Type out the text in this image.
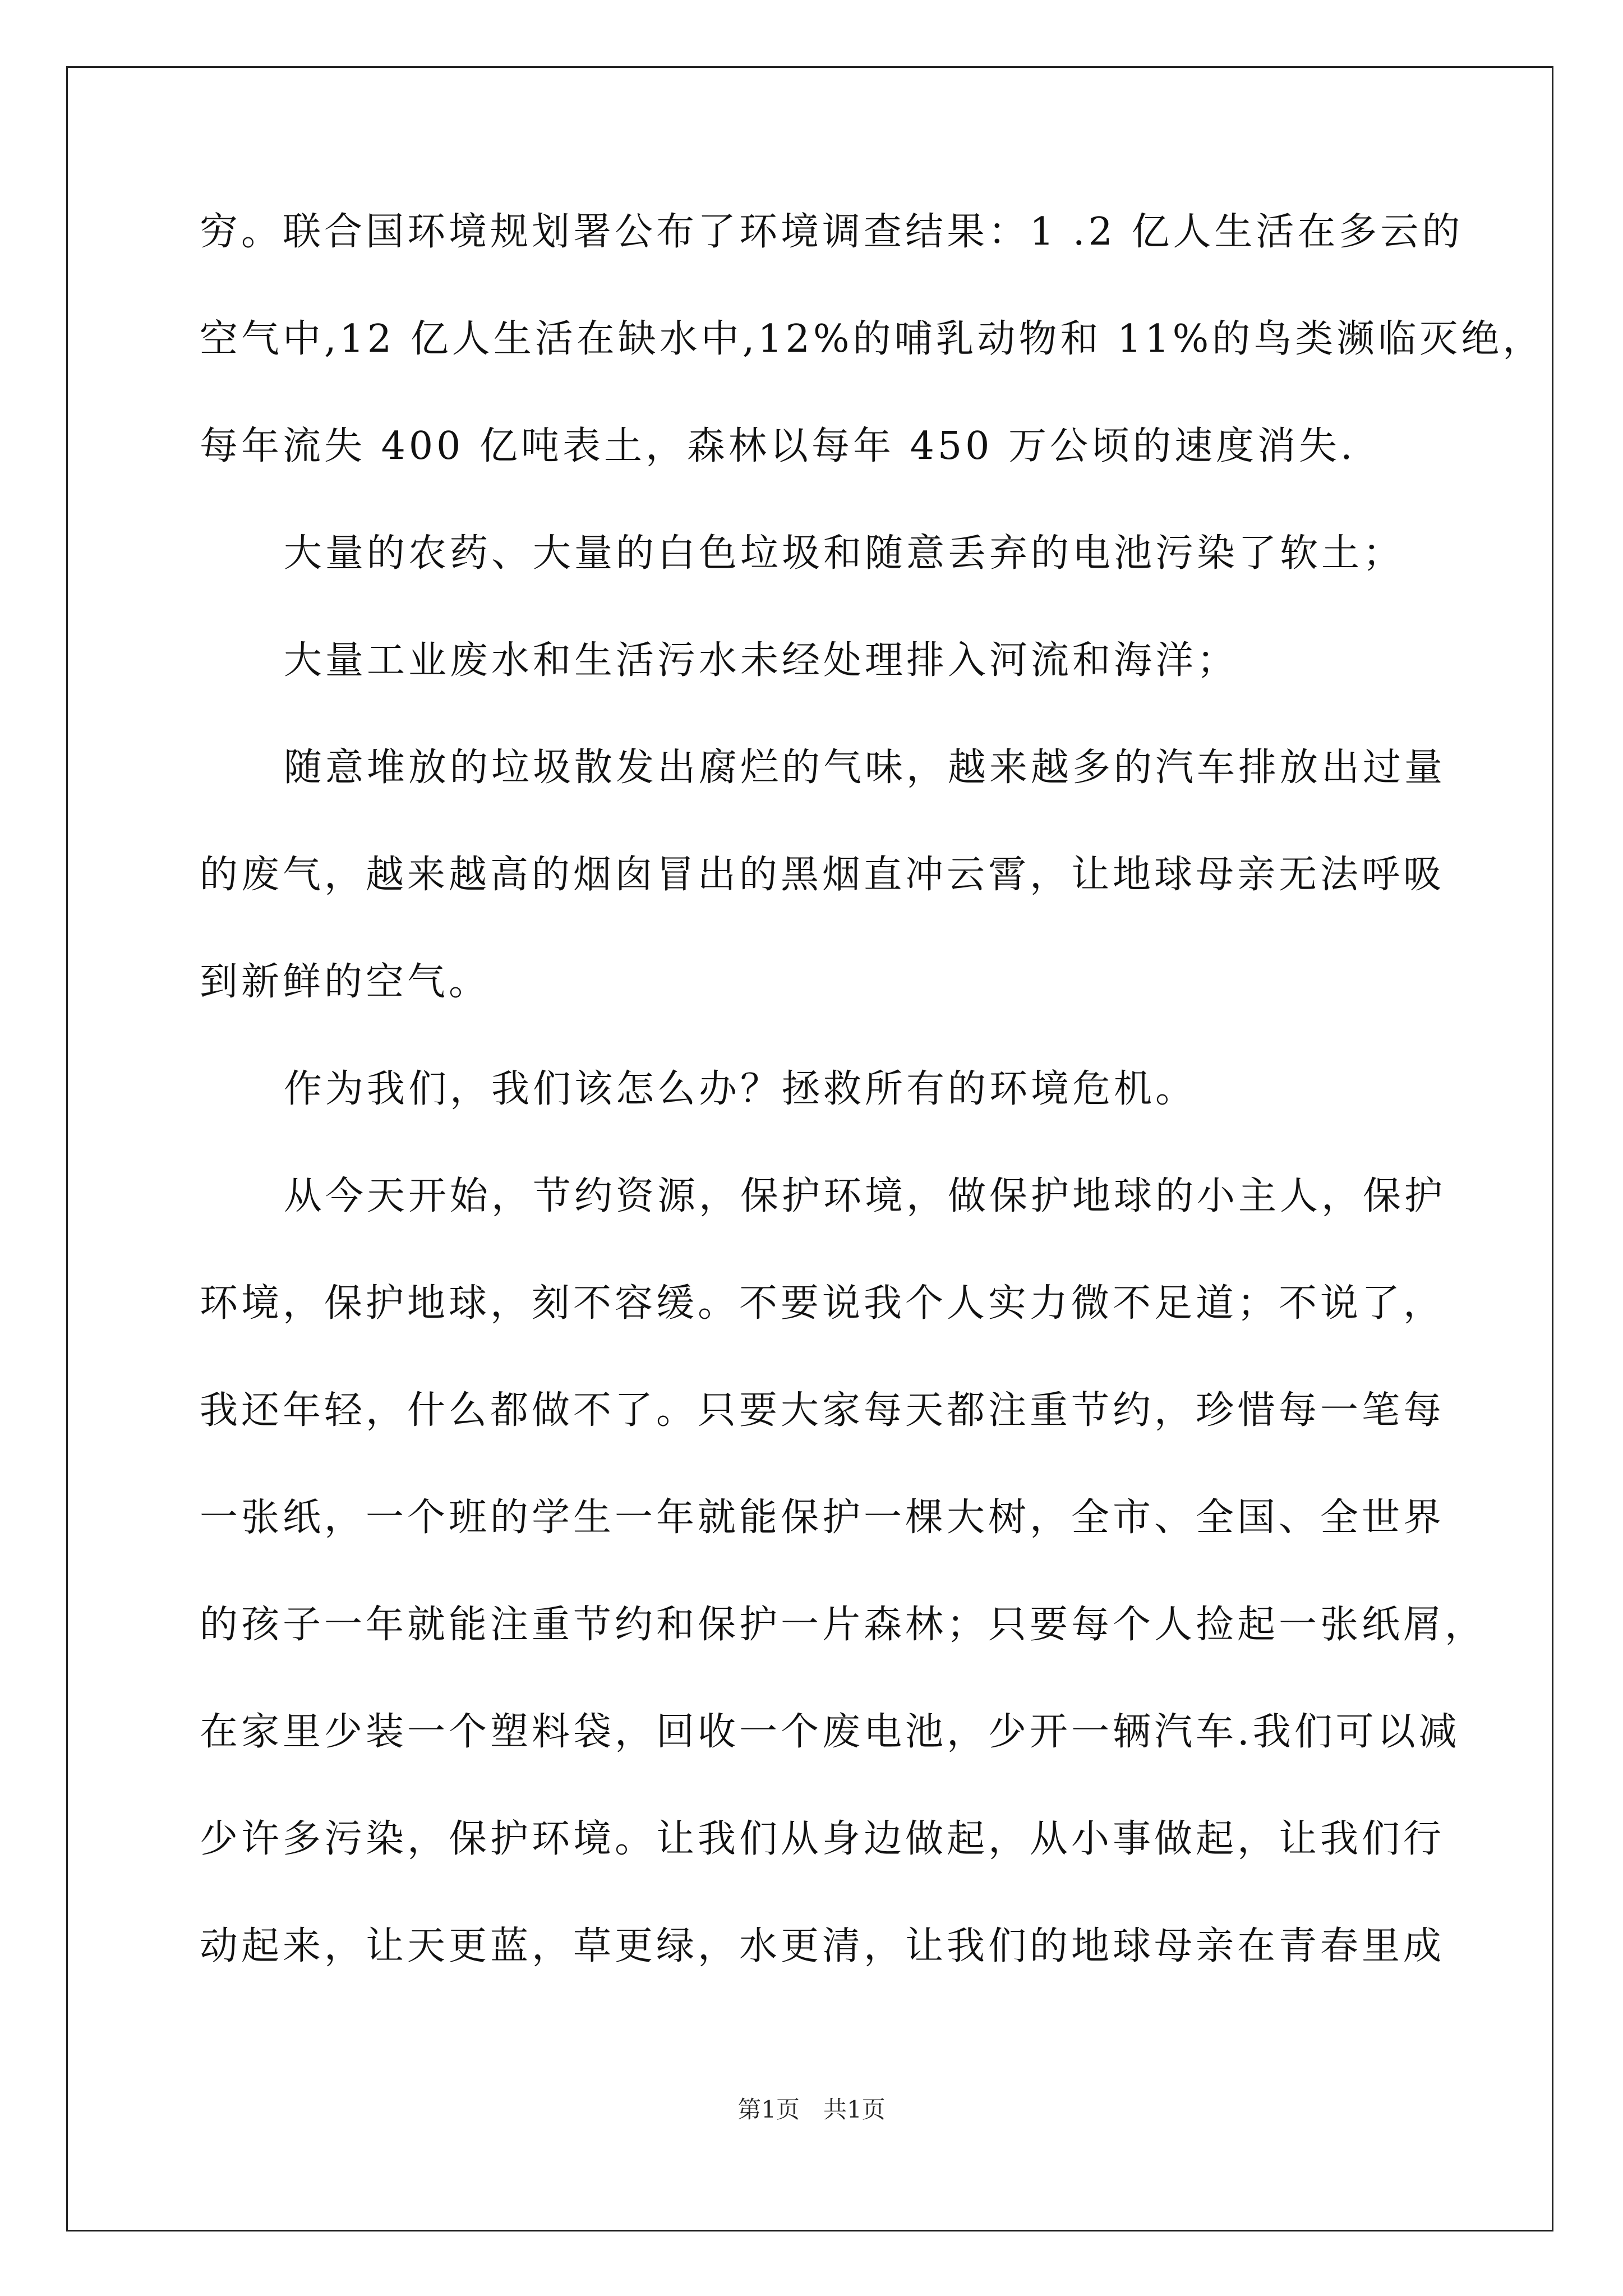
穷。联合国环境规划署公布了环境调查结果：1 .2 亿人生活在多云的
空气中,12 亿人生活在缺水中,12%的哺乳动物和 11%的鸟类濒临灭绝，
每年流失 400 亿吨表土，森林以每年 450 万公顷的速度消失.
大量的农药、大量的白色垃圾和随意丢弃的电池污染了软土；
大量工业废水和生活污水未经处理排入河流和海洋；
随意堆放的垃圾散发出腐烂的气味，越来越多的汽车排放出过量
的废气，越来越高的烟囱冒出的黑烟直冲云霄，让地球母亲无法呼吸
到新鲜的空气。
作为我们，我们该怎么办？拯救所有的环境危机。
从今天开始，节约资源，保护环境，做保护地球的小主人，保护
环境，保护地球，刻不容缓。不要说我个人实力微不足道；不说了，
我还年轻，什么都做不了。只要大家每天都注重节约，珍惜每一笔每
一张纸，一个班的学生一年就能保护一棵大树，全市、全国、全世界
的孩子一年就能注重节约和保护一片森林；只要每个人捡起一张纸屑，
在家里少装一个塑料袋，回收一个废电池，少开一辆汽车.我们可以减
少许多污染，保护环境。让我们从身边做起，从小事做起，让我们行
动起来，让天更蓝，草更绿，水更清，让我们的地球母亲在青春里成
第1页　共1页
